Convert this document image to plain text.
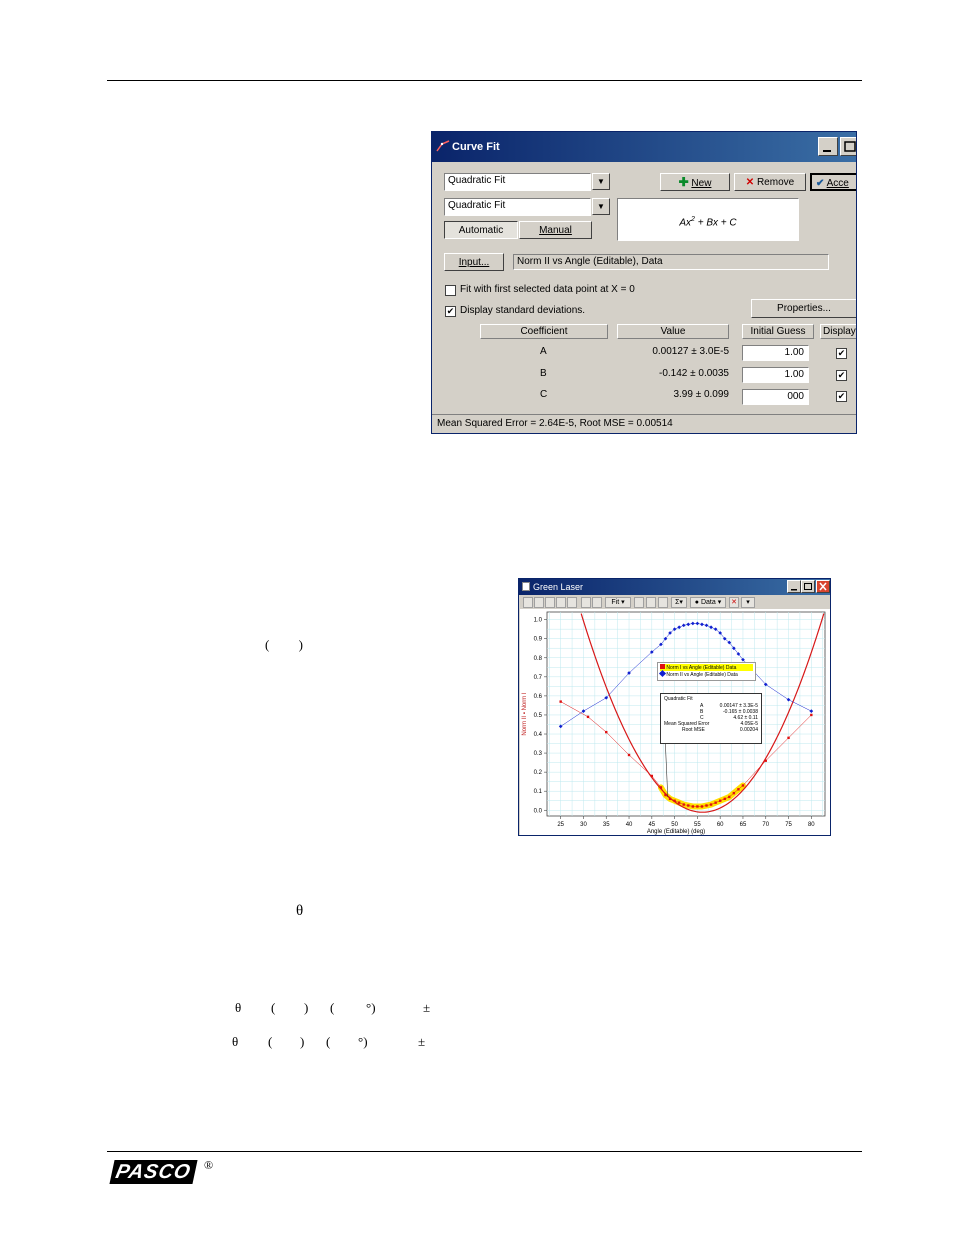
Curve Fit
Quadratic Fit	▼	✚ New	✕ Remove	✔ Acce
Quadratic Fit	▼
$Ax^2 + Bx + C$
Automatic	Manual
Input...	Norm II vs Angle (Editable), Data
Fit with first selected data point at X = 0
✔ Display standard deviations.	Properties...
Coefficient	Value	Initial Guess	Display
A	0.00127 ± 3.0E-5	1.00	✔
B	-0.142 ± 0.0035	1.00	✔
C	3.99 ± 0.099	000	✔
Mean Squared Error = 2.64E-5, Root MSE = 0.00514
Green Laser
Fit ▾	Σ▾	● Data ▾	✕	▾
25	30	35	40	45	50	55	60	65	70	75	80
0.0
0.1
0.2
0.3
0.4
0.5
0.6
0.7
0.8
0.9
1.0
Angle (Editable) (deg)
Norm II ▪ Norm I
Norm I vs Angle (Editable) Data
Norm II vs Angle (Editable) Data
Quadratic Fit
A	0.00147 ± 3.3E-5
B	-0.165 ± 0.0038
C	4.62 ± 0.11
Mean Squared Error	4.05E-5
Root MSE	0.00204
(         )
θ
θ ( ) ( °)	±
θ ( ) ( °)	±
PASCO ®
